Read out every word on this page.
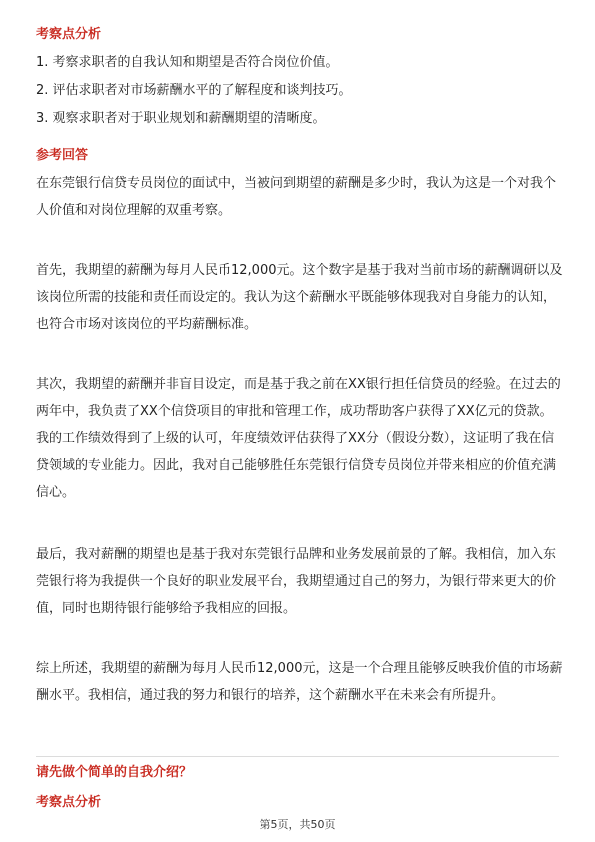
考察点分析
1. 考察求职者的自我认知和期望是否符合岗位价值。
2. 评估求职者对市场薪酬水平的了解程度和谈判技巧。
3. 观察求职者对于职业规划和薪酬期望的清晰度。
参考回答
在东莞银行信贷专员岗位的面试中，当被问到期望的薪酬是多少时，我认为这是一个对我个人价值和对岗位理解的双重考察。
首先，我期望的薪酬为每月人民币12,000元。这个数字是基于我对当前市场的薪酬调研以及该岗位所需的技能和责任而设定的。我认为这个薪酬水平既能够体现我对自身能力的认知，也符合市场对该岗位的平均薪酬标准。
其次，我期望的薪酬并非盲目设定，而是基于我之前在XX银行担任信贷员的经验。在过去的两年中，我负责了XX个信贷项目的审批和管理工作，成功帮助客户获得了XX亿元的贷款。我的工作绩效得到了上级的认可，年度绩效评估获得了XX分（假设分数），这证明了我在信贷领域的专业能力。因此，我对自己能够胜任东莞银行信贷专员岗位并带来相应的价值充满信心。
最后，我对薪酬的期望也是基于我对东莞银行品牌和业务发展前景的了解。我相信，加入东莞银行将为我提供一个良好的职业发展平台，我期望通过自己的努力，为银行带来更大的价值，同时也期待银行能够给予我相应的回报。
综上所述，我期望的薪酬为每月人民币12,000元，这是一个合理且能够反映我价值的市场薪酬水平。我相信，通过我的努力和银行的培养，这个薪酬水平在未来会有所提升。
请先做个简单的自我介绍？
考察点分析
第5页，共50页
